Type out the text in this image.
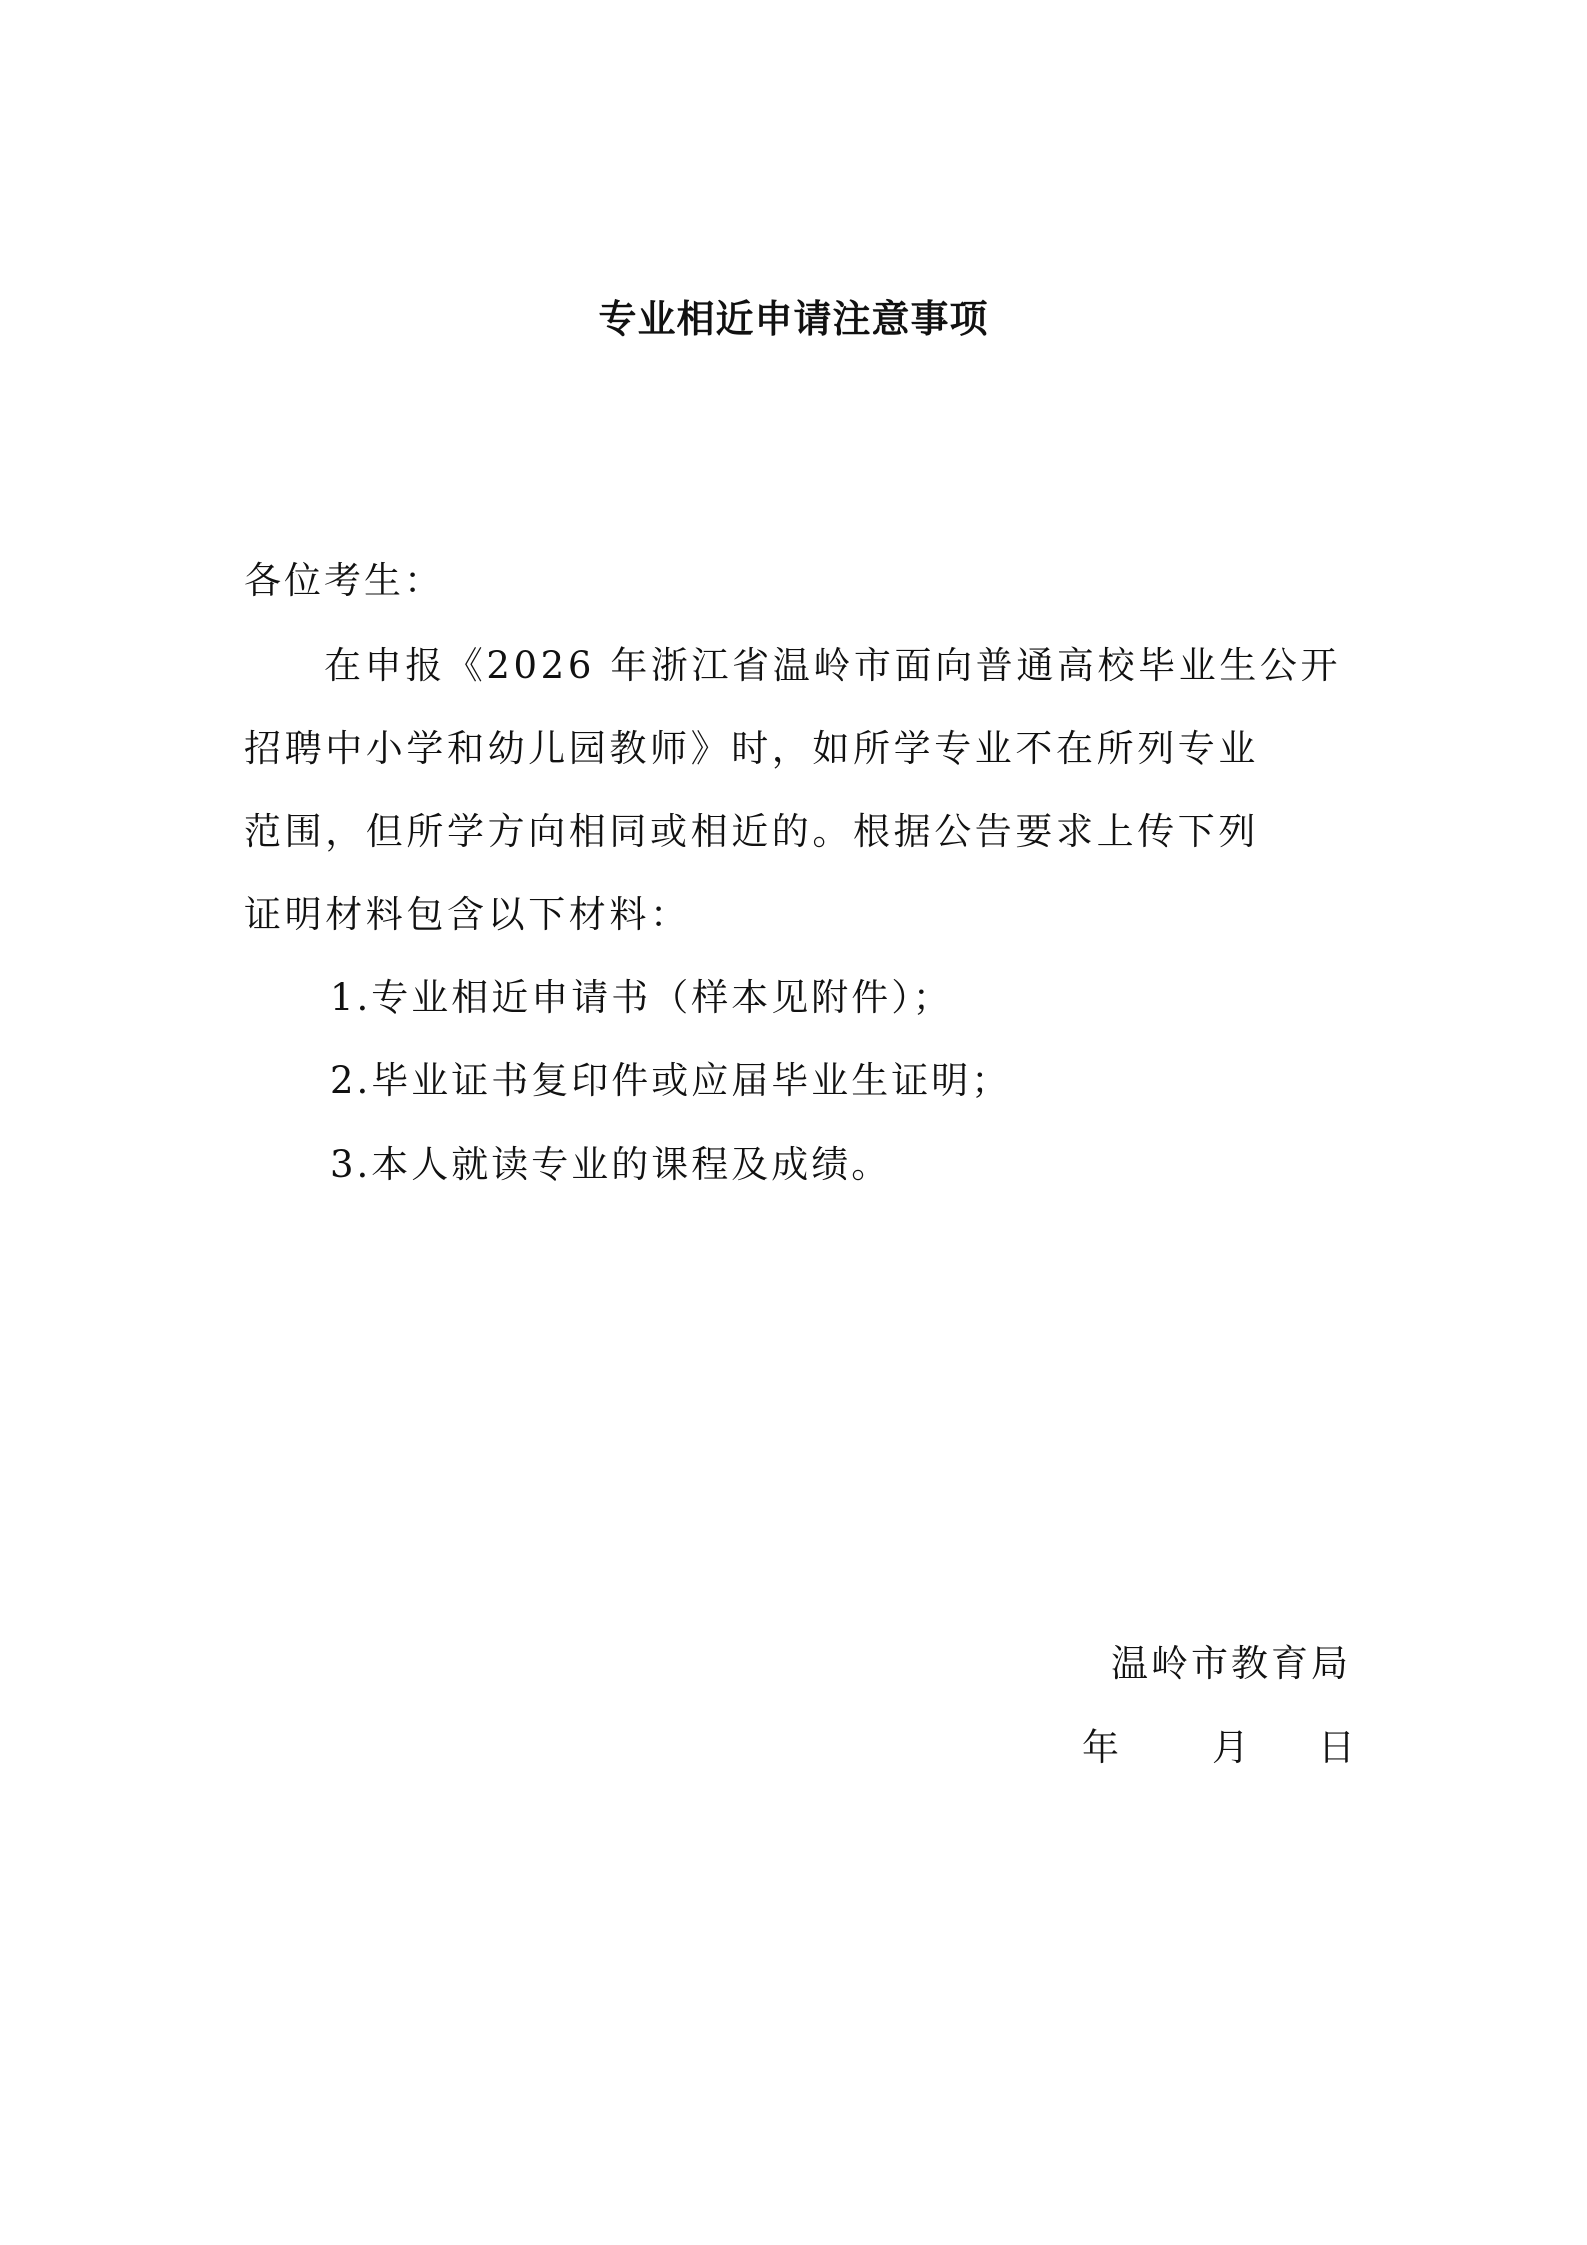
专业相近申请注意事项
各位考生：
在申报《2026 年浙江省温岭市面向普通高校毕业生公开
招聘中小学和幼儿园教师》时，如所学专业不在所列专业
范围，但所学方向相同或相近的。根据公告要求上传下列
证明材料包含以下材料：
1.专业相近申请书（样本见附件）；
2.毕业证书复印件或应届毕业生证明；
3.本人就读专业的课程及成绩。
温岭市教育局
年	月 日
